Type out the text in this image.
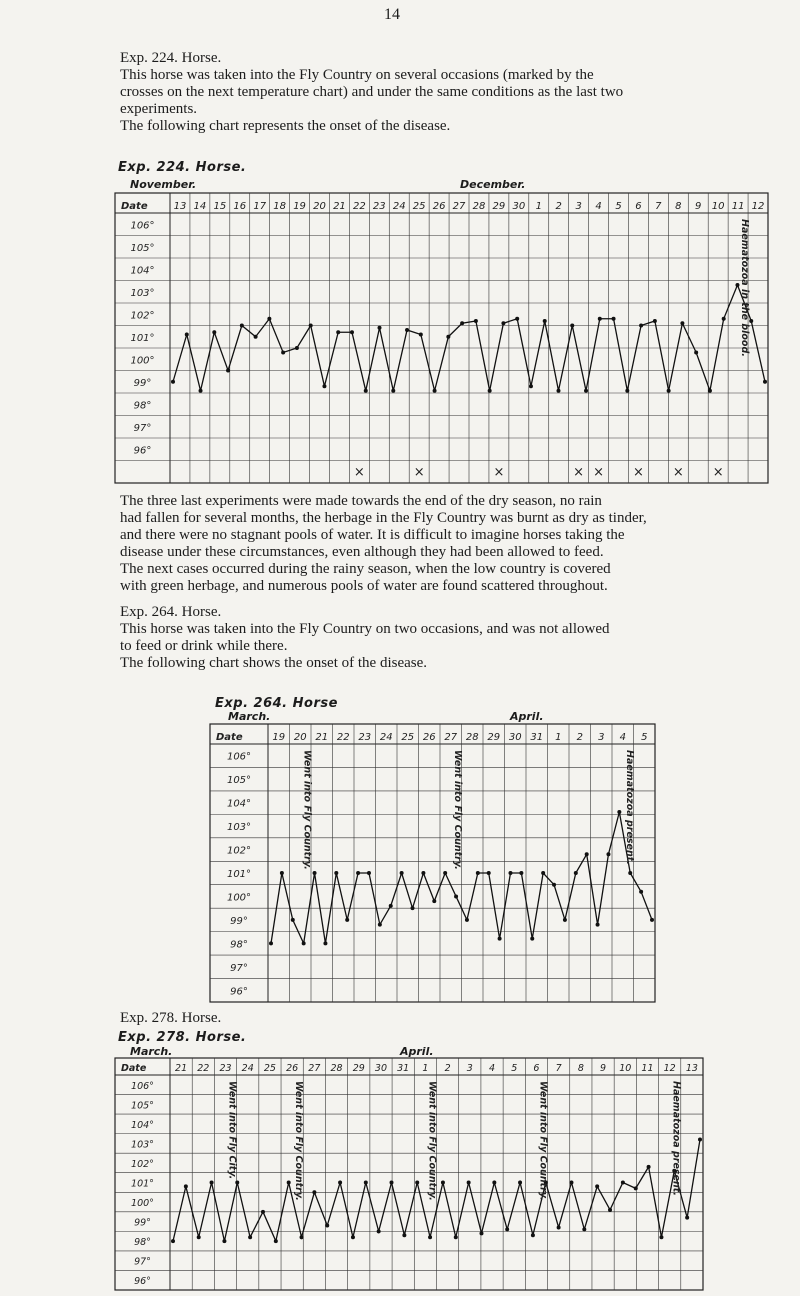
14
Exp. 224. Horse.
This horse was taken into the Fly Country on several occasions (marked by the
crosses on the next temperature chart) and under the same conditions as the last two
experiments.
The following chart represents the onset of the disease.
The three last experiments were made towards the end of the dry season, no rain
had fallen for several months, the herbage in the Fly Country was burnt as dry as tinder,
and there were no stagnant pools of water. It is difficult to imagine horses taking the
disease under these circumstances, even although they had been allowed to feed.
The next cases occurred during the rainy season, when the low country is covered
with green herbage, and numerous pools of water are found scattered throughout.
Exp. 264. Horse.
This horse was taken into the Fly Country on two occasions, and was not allowed
to feed or drink while there.
The following chart shows the onset of the disease.
Exp. 278. Horse.
Exp. 224. Horse.
November.	December.
13 14 15 16 17 18 19 20 21 22 23 24 25 26 27 28 29 30 1 2 3 4 5 6 7 8 9 10 11 12
Date
106°
105°
104°
103°
102°
101°
100°
99°
98°
97°
96°
×	×	×	× × × × ×
Haematozoa in the blood.
Exp. 264. Horse
March.	April.
19 20 21 22 23 24 25 26 27 28 29 30 31 1 2 3 4 5
Date
106°
105°
104°
103°
102°
101°
100°
99°
98°
97°
96°
Went into Fly Country.	Went into Fly Country.	Haematozoa present.
Exp. 278. Horse.
March.	April.
21 22 23 24 25 26 27 28 29 30 31 1 2 3 4 5 6 7 8 9 10 11 12 13
Date
106°
105°
104°
103°
102°
101°
100°
99°
98°
97°
96°
Went into Fly City.	Went into Fly Country.	Went into Fly Country.	Went into Fly Country.	Haematozoa present.
